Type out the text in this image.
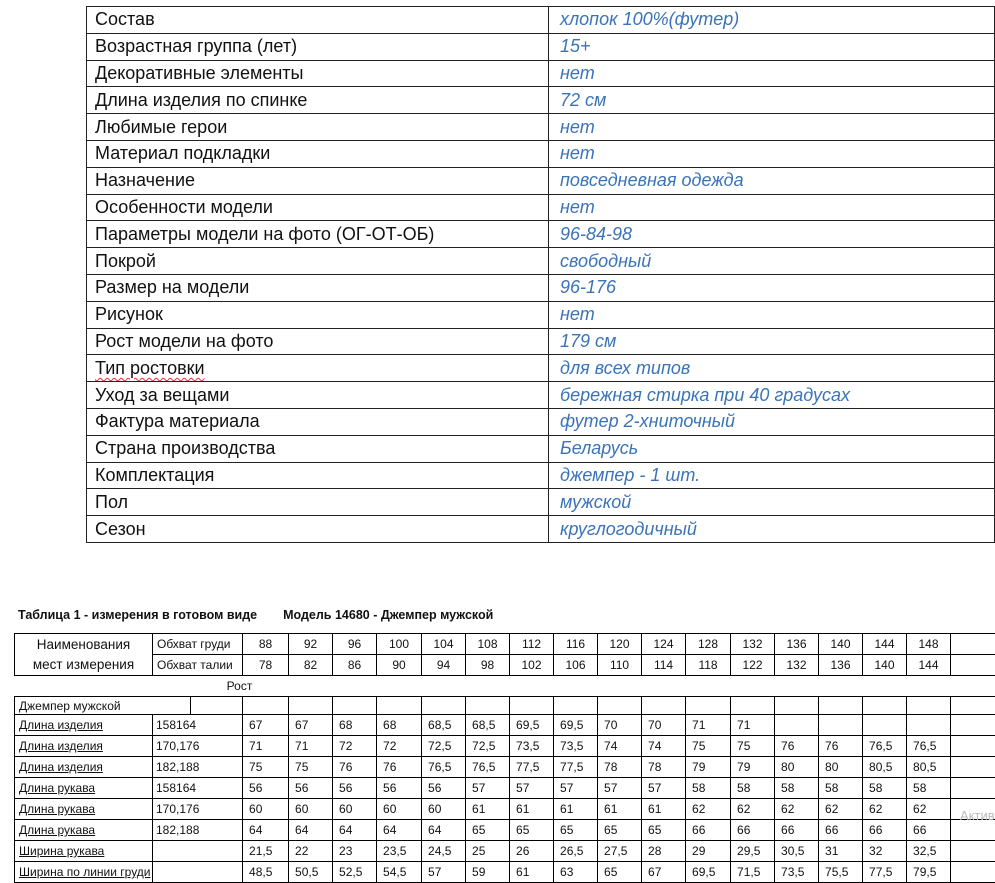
Состав	хлопок 100%(футер)
Возрастная группа (лет)	15+
Декоративные элементы	нет
Длина изделия по спинке	72 см
Любимые герои	нет
Материал подкладки	нет
Назначение	повседневная одежда
Особенности модели	нет
Параметры модели на фото (ОГ-ОТ-ОБ)	96-84-98
Покрой	свободный
Размер на модели	96-176
Рисунок	нет
Рост модели на фото	179 см
Тип ростовки	для всех типов
Уход за вещами	бережная стирка при 40 градусах
Фактура материала	футер 2-хниточный
Страна производства	Беларусь
Комплектация	джемпер - 1 шт.
Пол	мужской
Сезон	круглогодичный
Таблица 1 - измерения в готовом виде Модель 14680 - Джемпер мужской
Наименования
мест измерения	Обхват груди		88	92	96	100	104	108	112	116	120	124	128	132	136	140	144	148	
	Обхват талии		78	82	86	90	94	98	102	106	110	114	118	122	132	136	140	144	
		Рост																	
Джемпер мужской																			
Длина изделия	158164		67	67	68	68	68,5	68,5	69,5	69,5	70	70	71	71					
Длина изделия	170,176		71	71	72	72	72,5	72,5	73,5	73,5	74	74	75	75	76	76	76,5	76,5	
Длина изделия	182,188		75	75	76	76	76,5	76,5	77,5	77,5	78	78	79	79	80	80	80,5	80,5	
Длина рукава	158164		56	56	56	56	56	57	57	57	57	57	58	58	58	58	58	58	
Длина рукава	170,176		60	60	60	60	60	61	61	61	61	61	62	62	62	62	62	62	
Длина рукава	182,188		64	64	64	64	64	65	65	65	65	65	66	66	66	66	66	66	
Ширина рукава			21,5	22	23	23,5	24,5	25	26	26,5	27,5	28	29	29,5	30,5	31	32	32,5	
Ширина по линии груди			48,5	50,5	52,5	54,5	57	59	61	63	65	67	69,5	71,5	73,5	75,5	77,5	79,5	
Актив
